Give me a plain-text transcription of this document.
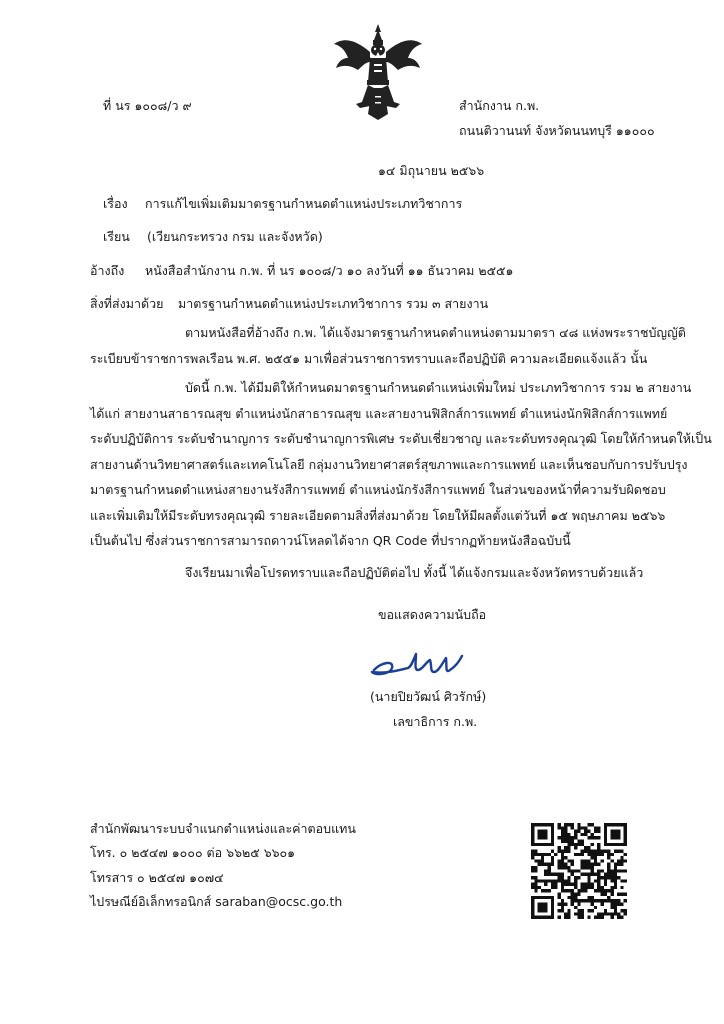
ที่ นร ๑๐๐๘/ว ๙	สำนักงาน ก.พ.
ถนนติวานนท์ จังหวัดนนทบุรี ๑๑๐๐๐
๑๔ มิถุนายน ๒๕๖๖
เรื่อง การแก้ไขเพิ่มเติมมาตรฐานกำหนดตำแหน่งประเภทวิชาการ
เรียน (เวียนกระทรวง กรม และจังหวัด)
อ้างถึง หนังสือสำนักงาน ก.พ. ที่ นร ๑๐๐๘/ว ๑๐ ลงวันที่ ๑๑ ธันวาคม ๒๕๕๑
สิ่งที่ส่งมาด้วย มาตรฐานกำหนดตำแหน่งประเภทวิชาการ รวม ๓ สายงาน
ตามหนังสือที่อ้างถึง ก.พ. ได้แจ้งมาตรฐานกำหนดตำแหน่งตามมาตรา ๔๘ แห่งพระราชบัญญัติ
ระเบียบข้าราชการพลเรือน พ.ศ. ๒๕๕๑ มาเพื่อส่วนราชการทราบและถือปฏิบัติ ความละเอียดแจ้งแล้ว นั้น
บัดนี้ ก.พ. ได้มีมติให้กำหนดมาตรฐานกำหนดตำแหน่งเพิ่มใหม่ ประเภทวิชาการ รวม ๒ สายงาน
ได้แก่ สายงานสาธารณสุข ตำแหน่งนักสาธารณสุข และสายงานฟิสิกส์การแพทย์ ตำแหน่งนักฟิสิกส์การแพทย์
ระดับปฏิบัติการ ระดับชำนาญการ ระดับชำนาญการพิเศษ ระดับเชี่ยวชาญ และระดับทรงคุณวุฒิ โดยให้กำหนดให้เป็น
สายงานด้านวิทยาศาสตร์และเทคโนโลยี กลุ่มงานวิทยาศาสตร์สุขภาพและการแพทย์ และเห็นชอบกับการปรับปรุง
มาตรฐานกำหนดตำแหน่งสายงานรังสีการแพทย์ ตำแหน่งนักรังสีการแพทย์ ในส่วนของหน้าที่ความรับผิดชอบ
และเพิ่มเติมให้มีระดับทรงคุณวุฒิ รายละเอียดตามสิ่งที่ส่งมาด้วย โดยให้มีผลตั้งแต่วันที่ ๑๕ พฤษภาคม ๒๕๖๖
เป็นต้นไป ซึ่งส่วนราชการสามารถดาวน์โหลดได้จาก QR Code ที่ปรากฏท้ายหนังสือฉบับนี้
จึงเรียนมาเพื่อโปรดทราบและถือปฏิบัติต่อไป ทั้งนี้ ได้แจ้งกรมและจังหวัดทราบด้วยแล้ว
ขอแสดงความนับถือ
(นายปิยวัฒน์ ศิวรักษ์)
เลขาธิการ ก.พ.
สำนักพัฒนาระบบจำแนกตำแหน่งและค่าตอบแทน
โทร. ๐ ๒๕๔๗ ๑๐๐๐ ต่อ ๖๖๒๕ ๖๖๐๑
โทรสาร ๐ ๒๕๔๗ ๑๐๗๔
ไปรษณีย์อิเล็กทรอนิกส์ saraban@ocsc.go.th
